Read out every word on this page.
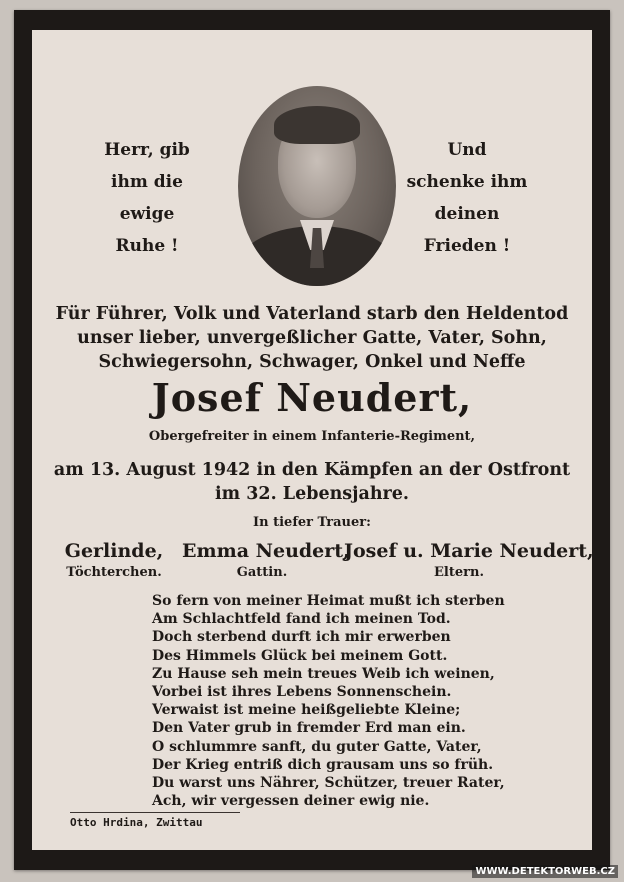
Herr, gib
ihm die
ewige
Ruhe !
Und
schenke ihm
deinen
Frieden !
Für Führer, Volk und Vaterland starb den Heldentod
unser lieber, unvergeßlicher Gatte, Vater, Sohn,
Schwiegersohn, Schwager, Onkel und Neffe
Josef Neudert,
Obergefreiter in einem Infanterie-Regiment,
am 13. August 1942 in den Kämpfen an der Ostfront
im 32. Lebensjahre.
In tiefer Trauer:
Gerlinde,
Töchterchen.
Emma Neudert,
Gattin.
Josef u. Marie Neudert,
Eltern.
So fern von meiner Heimat mußt ich sterben
Am Schlachtfeld fand ich meinen Tod.
Doch sterbend durft ich mir erwerben
Des Himmels Glück bei meinem Gott.
Zu Hause seh mein treues Weib ich weinen,
Vorbei ist ihres Lebens Sonnenschein.
Verwaist ist meine heißgeliebte Kleine;
Den Vater grub in fremder Erd man ein.
O schlummre sanft, du guter Gatte, Vater,
Der Krieg entriß dich grausam uns so früh.
Du warst uns Nährer, Schützer, treuer Rater,
Ach, wir vergessen deiner ewig nie.
Otto Hrdina, Zwittau
WWW.DETEKTORWEB.CZ
